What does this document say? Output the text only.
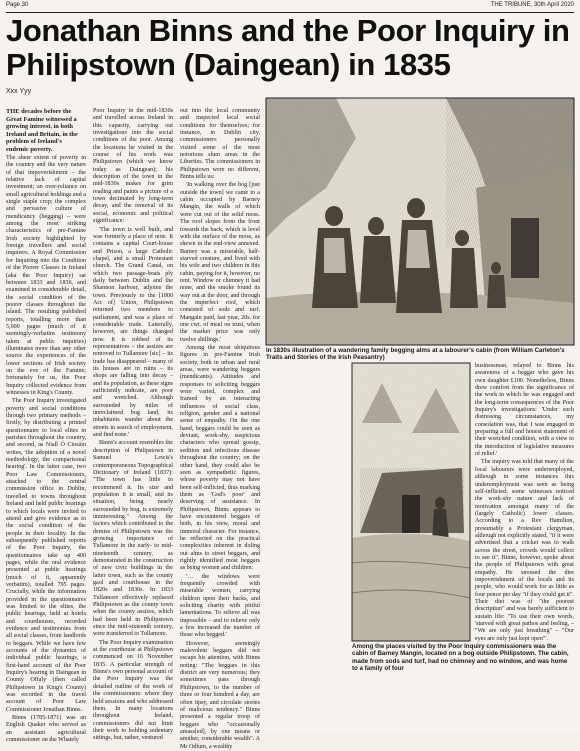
Page 30	THE TRIBUNE, 30th April 2020
Jonathan Binns and the Poor Inquiry in Philipstown (Daingean) in 1835
Xxx Yyy
THE decades before the Great Famine witnessed a growing interest, in both Ireland and Britain, in the problem of Ireland's endemic poverty.

The sheer extent of poverty in the country and the very nature of that impoverishment – the relative lack of capital investment; an over-reliance on small agricultural holdings and a single staple crop; the complex and pervasive culture of mendicancy (begging) – were among the most striking characteristics of pre-Famine Irish society highlighted by foreign travellers and social inquirers. A Royal Commission for Inquiring into the Condition of the Poorer Classes in Ireland (aka the Poor Inquiry) sat between 1833 and 1836, and examined in considerable detail, the social condition of the poorer classes throughout the island. The resulting published reports, totalling more than 5,000 pages (much of it seemingly-verbatim testimony taken at public inquiries) illuminates more than any other source the experiences of the lower sections of Irish society on the eve of the Famine; fortunately for us, the Poor Inquiry collected evidence from witnesses in King's County.

The Poor Inquiry investigated poverty and social conditions through two primary methods – firstly, by distributing a printed questionnaire to local elites in parishes throughout the country, and second, as Niall Ó Ciosáin writes, 'the adoption of a novel methodology, the comparisonal hearing'. In the latter case, two Poor Law Commissioners, attached to the central commission office in Dublin, travelled to towns throughout Ireland and held public hearings to which locals were invited to attend and give evidence as to the social condition of the people in their locality. In the subsequently published reports of the Poor Inquiry, the questionnaires take up 400 pages, while the oral evidence presented at public hearings (much of it, apparently verbatim), totalled 795 pages. Crucially, while the information provided in the questionnaires was limited to the elites, the public hearings, held at hotels and courthouses, recorded evidence and testimonies from all social classes, from landlords to beggars. While we have few accounts of the dynamics of individual public hearings, a first-hand account of the Poor Inquiry's hearing in Daingean in County Offaly (then called Philipstown in King's County) was recorded in the travel account of Poor Law Commissioner Jonathan Binns.

Binns (1785-1871) was an English Quaker who served as an assistant agricultural commissioner on the Whately

Poor Inquiry in the mid-1830s and travelled across Ireland in this capacity, carrying out investigations into the social conditions of the poor. Among the locations he visited in the course of his work was Philipstown (which we know today as Daingean); his description of the town in the mid-1830s makes for grim reading and paints a picture of a town decimated by long-term decay, and the removal of its social, economic and political significance:

'The town is well built, and was formerly a place of note. It contains a capital Court-house and Prison, a large Catholic chapel, and a small Protestant church. The Grand Canal, on which two passage-boats ply daily between Dublin and the Shannon harbour, adjoins the town. Previously to the [1800 Act of] Union, Philipstown returned two members to parliament, and was a place of considerable trade. Latterally, however, are things changed now. It is robbed of its representatives – the assizes are removed to Tullamore [sic] – its trade has disappeared – many of its houses are in ruins – its shops are falling into decay – and its population, as these signs sufficiently indicate, are poor and wretched. Although surrounded by miles of unreclaimed bog land, its inhabitants wander about the streets in search of employment, and find none.'

Binns's account resembles the description of Philipstown in Samuel Lewis's contemporaneous Topographical Dictionary of Ireland (1837): "The town has little to recommend it. Its size and population it is small, and its situation, being nearly surrounded by bog, is extremely uninteresting." Among the factors which contributed to the demise of Philipstown was the growing importance of Tullamore in the early- to mid-nineteenth century, as demonstrated in the construction of new civic buildings in the latter town, such as the county gaol and courthouse in the 1820s and 1830s. In 1833 Tullamore effectively replaced Philipstown as the county town when the county assizes, which had been held in Philipstown since the mid-sixteenth century, were transferred to Tullamore.

The Poor Inquiry examination at the courthouse at Philipstown commenced on 16 November 1835. A particular strength of Binns's own personal account of the Poor Inquiry was the detailed outline of the work of the commissioners: where they held sessions and who addressed them. In many locations throughout Ireland, commissioners did not limit their work to holding sedentary sittings, but, rather, ventured

out into the local community and inspected local social conditions for themselves; for instance, in Dublin city, commissioners personally visited some of the most notorious slum areas in the Liberties. The commissioners in Philipstown were no different, Binns tells us:

'In walking over the bog [just outside the town] we came to a cabin occupied by Barney Mangin, the walls of which were cut out of the solid moss. The roof slopes from the front towards the back, which is level with the surface of the moss, as shewn in the end-view annexed. Barney was a miserable, half-starved creature, and lived with his wife and two children in this cabin, paying for it, however, no rent. Window or chimney it had none, and the smoke found its way out at the door, and through the imperfect roof, which consisted of sods and turf. Mangain paid, last year, 20s. for one cwt. of meal on trust, when the market price was only twelve shillings.'

Among the most ubiquitous figures in pre-Famine Irish society, both in urban and rural areas, were wandering beggars (mendicants). Attitudes and responses to soliciting beggars were varied, complex and framed by an interacting influences of social class, religion, gender and a national sense of empathy. On the one hand, beggars could be seen as deviant, work-shy, suspicious characters who spread gossip, sedition and infectious disease throughout the country; on the other hand, they could also be seen as sympathetic figures, whose poverty may not have been self-inflicted, thus marking them as 'God's poor' and deserving of assistance. In Philipstown, Binns appears to have encountered beggars of both, in his view, moral and immoral character. For instance, he reflected on the practical complexities inherent in doling out alms to street beggars, and rightly identified most beggars as being women and children:

'… the windows were frequently crowded with miserable women, carrying children upon their backs, and soliciting charity with pitiful lamentations. To relieve all was impossible – and to relieve only a few increased the number of those who begged.'

However, seemingly malevolent beggars did not escape his attention, with Binns noting: "The beggars in this district are very numerous; they sometimes pass through Philipstown, to the number of three or four hundred a day, are often tipsy, and circulate stories of malicious tendency." Binns presented a regular troop of beggars who "occasionally amass[ed], by one means or another, considerable wealth". A Mr Odlum, a wealthy

In 1830s illustration of a wandering family begging alms at a labourer's cabin (from William Carleton's Traits and Stories of the Irish Peasantry)

businessman, relayed to Binns his awareness of a beggar who gave his own daughter £100. Nonetheless, Binns drew comfort from the significance of the work in which he was engaged and the long-term consequences of the Poor Inquiry's investigations: 'Under such distressing circumstances, my consolation was, that I was engaged in preparing a full and honest statement of their wretched condition, with a view to the introduction of legislative measures of relief.'

The inquiry was told that many of the local labourers were underemployed, although in some instances this underemployment was seen as being self-inflicted; some witnesses noticed the work-shy nature and lack of motivation amongst many of the (largely Catholic) lower classes. According to a Rev Hamilton, presumably a Protestant clergyman, although not explicitly stated, "if it were advertised that a cricket was to walk across the street, crowds would collect to see it". Binns, however, spoke about the people of Philipstown with great empathy. He stressed the dire impoverishment of the locals and its people, who would work for as little as four pence per day "if they could get it". Their diet was of "the poorest description" and was barely sufficient to sustain life: "To use their own words, 'starved with great pathos and feeling, – "We are only just breathing" – "Our eyes are only just kept open"'.

Among the places visited by the Poor Inquiry commissioners was the cabin of Barney Mangin, located on a bog outside Philipstown. The cabin, made from sods and turf, had no chimney and no window, and was home to a family of four
